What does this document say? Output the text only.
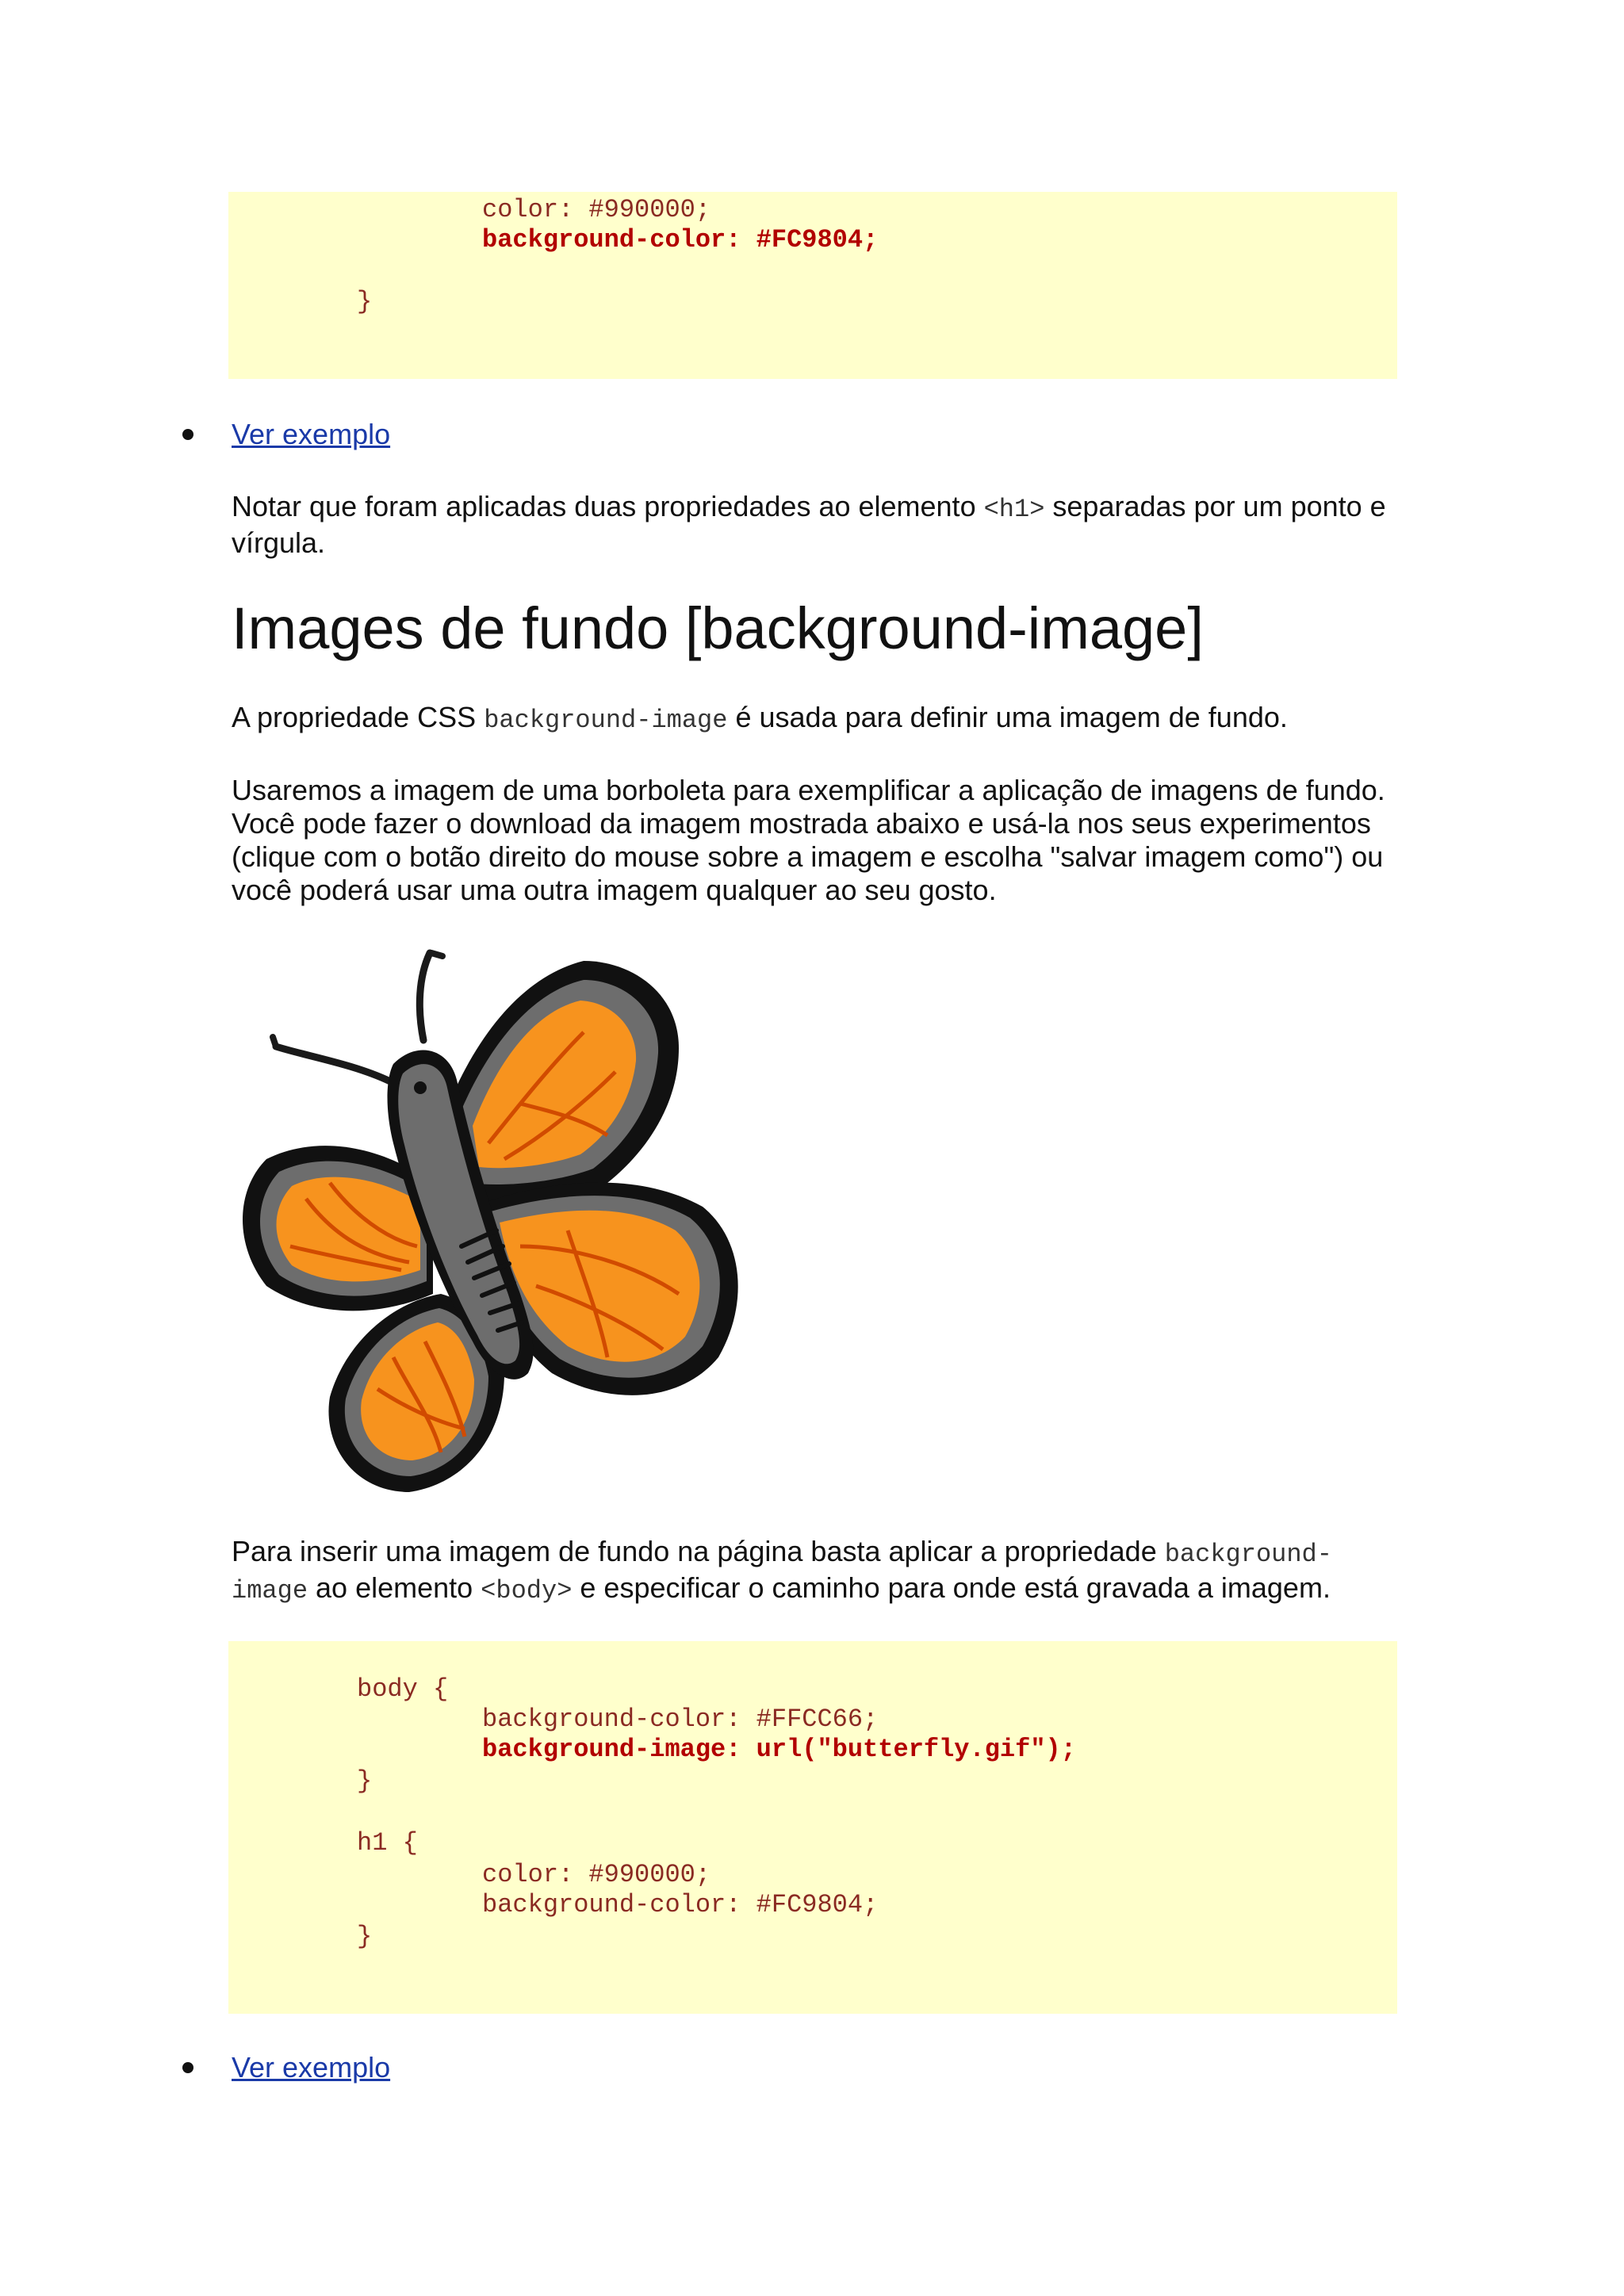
color: #990000;
background-color: #FC9804;
}
Ver exemplo

Notar que foram aplicadas duas propriedades ao elemento <h1> separadas por um ponto e vírgula.

Images de fundo [background-image]

A propriedade CSS background-image é usada para definir uma imagem de fundo.

Usaremos a imagem de uma borboleta para exemplificar a aplicação de imagens de fundo. Você pode fazer o download da imagem mostrada abaixo e usá-la nos seus experimentos (clique com o botão direito do mouse sobre a imagem e escolha "salvar imagem como") ou você poderá usar uma outra imagem qualquer ao seu gosto.

Para inserir uma imagem de fundo na página basta aplicar a propriedade background-image ao elemento <body> e especificar o caminho para onde está gravada a imagem.

body {
background-color: #FFCC66;
background-image: url("butterfly.gif");
}
h1 {
color: #990000;
background-color: #FC9804;
}
Ver exemplo
